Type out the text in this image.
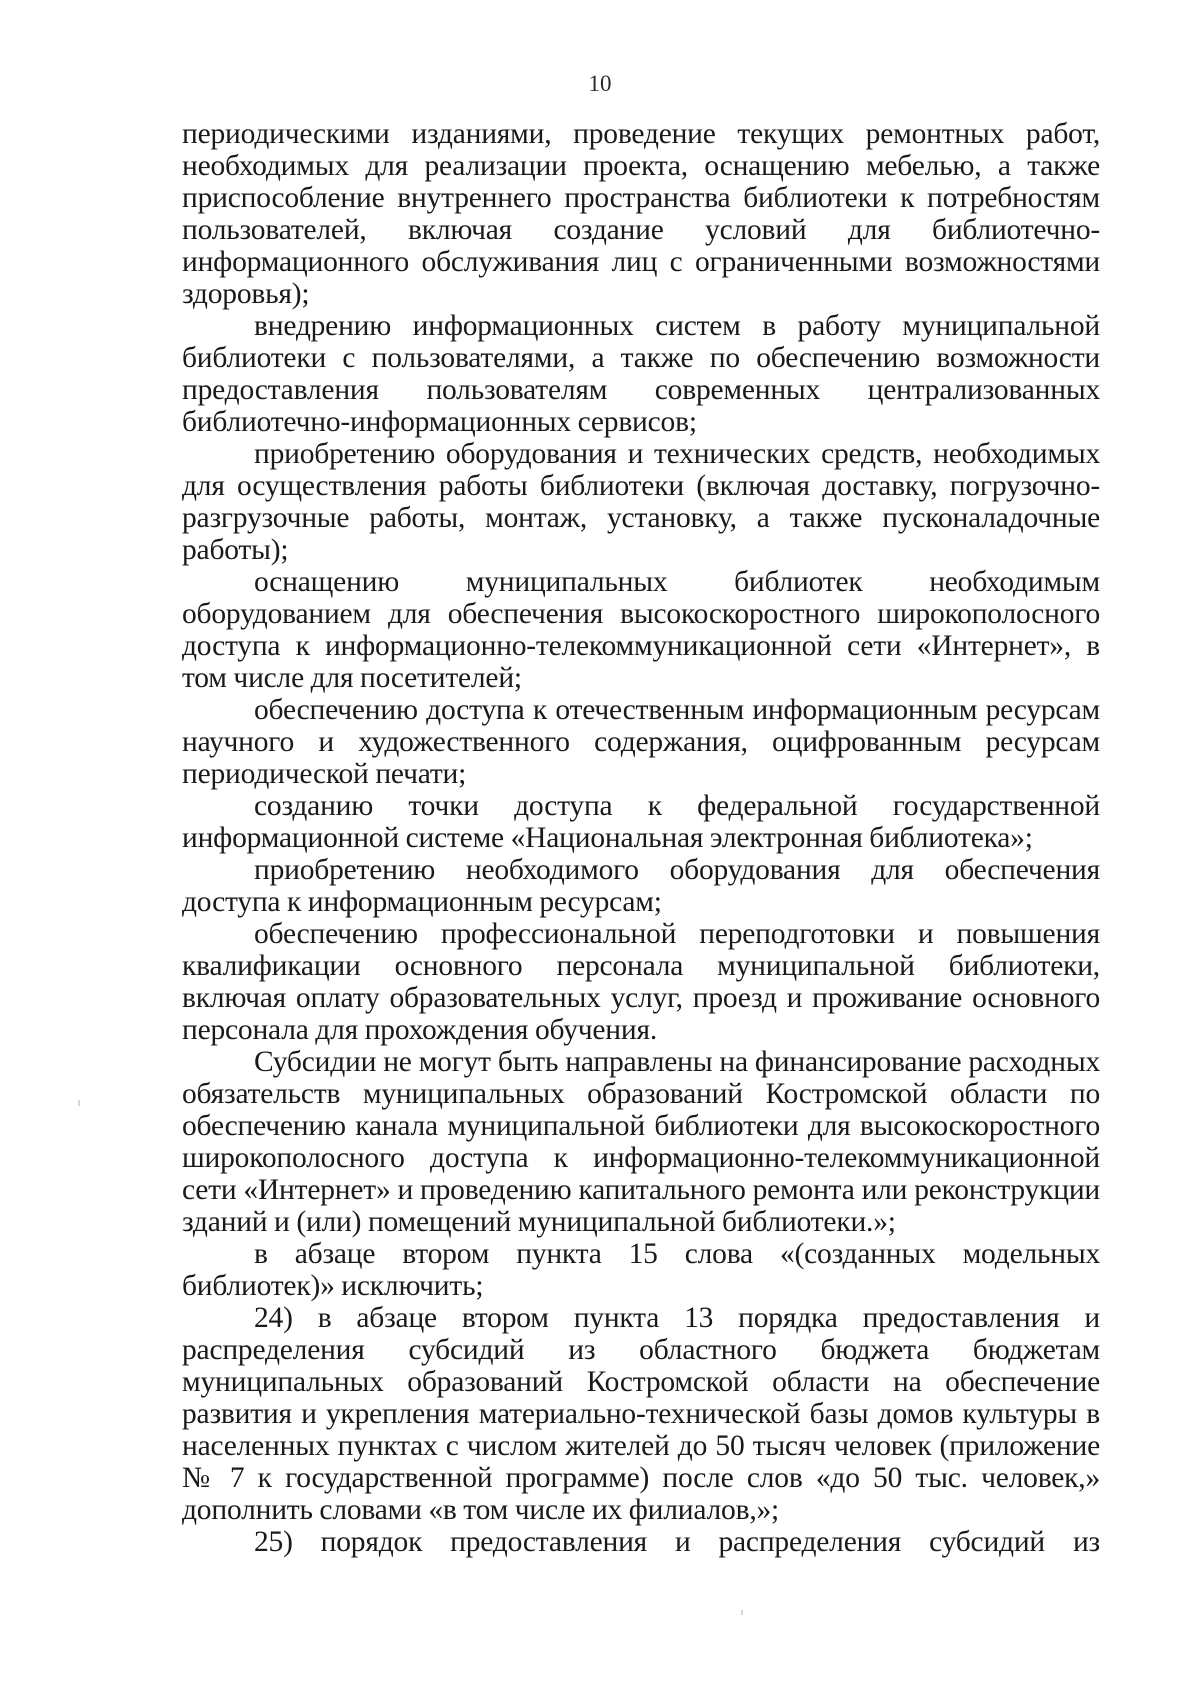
10

периодическими изданиями, проведение текущих ремонтных работ, необходимых для реализации проекта, оснащению мебелью, а также приспособление внутреннего пространства библиотеки к потребностям пользователей, включая создание условий для библиотечно-информационного обслуживания лиц с ограниченными возможностями здоровья);

внедрению информационных систем в работу муниципальной библиотеки с пользователями, а также по обеспечению возможности предоставления пользователям современных централизованных библиотечно-информационных сервисов;

приобретению оборудования и технических средств, необходимых для осуществления работы библиотеки (включая доставку, погрузочно-разгрузочные работы, монтаж, установку, а также пусконаладочные работы);

оснащению муниципальных библиотек необходимым оборудованием для обеспечения высокоскоростного широкополосного доступа к информационно-телекоммуникационной сети «Интернет», в том числе для посетителей;

обеспечению доступа к отечественным информационным ресурсам научного и художественного содержания, оцифрованным ресурсам периодической печати;

созданию точки доступа к федеральной государственной информационной системе «Национальная электронная библиотека»;

приобретению необходимого оборудования для обеспечения доступа к информационным ресурсам;

обеспечению профессиональной переподготовки и повышения квалификации основного персонала муниципальной библиотеки, включая оплату образовательных услуг, проезд и проживание основного персонала для прохождения обучения.

Субсидии не могут быть направлены на финансирование расходных обязательств муниципальных образований Костромской области по обеспечению канала муниципальной библиотеки для высокоскоростного широкополосного доступа к информационно-телекоммуникационной сети «Интернет» и проведению капитального ремонта или реконструкции зданий и (или) помещений муниципальной библиотеки.»;

в абзаце втором пункта 15 слова «(созданных модельных библиотек)» исключить;

24) в абзаце втором пункта 13 порядка предоставления и распределения субсидий из областного бюджета бюджетам муниципальных образований Костромской области на обеспечение развития и укрепления материально-технической базы домов культуры в населенных пунктах с числом жителей до 50 тысяч человек (приложение № 7 к государственной программе) после слов «до 50 тыс. человек,» дополнить словами «в том числе их филиалов,»;

25) порядок предоставления и распределения субсидий из
